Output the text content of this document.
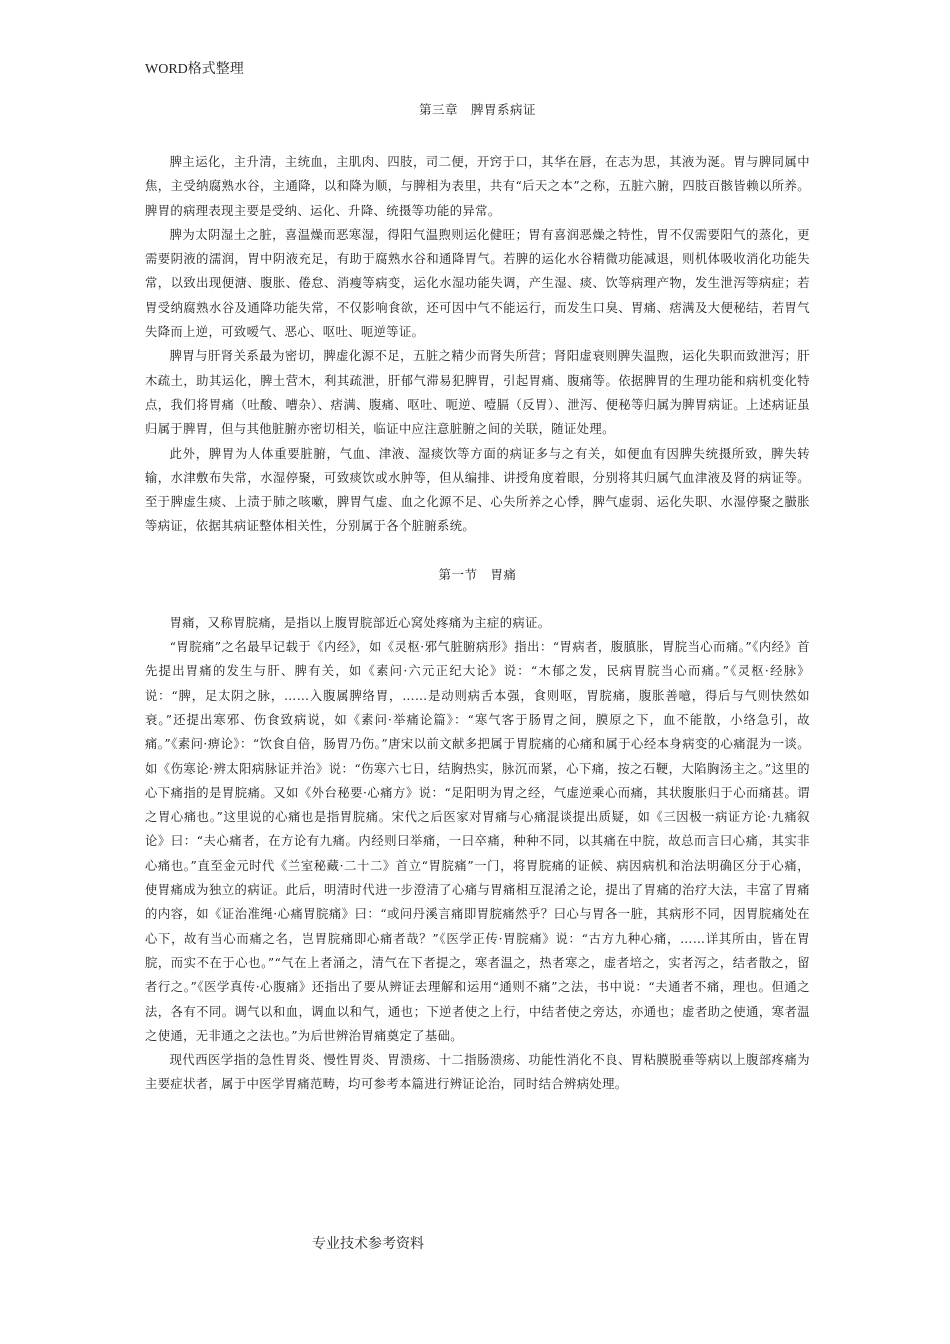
WORD格式整理
第三章　脾胃系病证

脾主运化，主升清，主统血，主肌肉、四肢，司二便，开窍于口，其华在唇，在志为思，其液为涎。胃与脾同属中焦，主受纳腐熟水谷，主通降，以和降为顺，与脾相为表里，共有“后天之本”之称，五脏六腑，四肢百骸皆赖以所养。脾胃的病理表现主要是受纳、运化、升降、统摄等功能的异常。

脾为太阴湿土之脏，喜温燥而恶寒湿，得阳气温煦则运化健旺；胃有喜润恶燥之特性，胃不仅需要阳气的蒸化，更需要阴液的濡润，胃中阴液充足，有助于腐熟水谷和通降胃气。若脾的运化水谷精微功能减退，则机体吸收消化功能失常，以致出现便溏、腹胀、倦怠、消瘦等病变，运化水湿功能失调，产生湿、痰、饮等病理产物，发生泄泻等病症；若胃受纳腐熟水谷及通降功能失常，不仅影响食欲，还可因中气不能运行，而发生口臭、胃痛、痞满及大便秘结，若胃气失降而上逆，可致嗳气、恶心、呕吐、呃逆等证。

脾胃与肝肾关系最为密切，脾虚化源不足，五脏之精少而肾失所营；肾阳虚衰则脾失温煦，运化失职而致泄泻；肝木疏土，助其运化，脾土营木，利其疏泄，肝郁气滞易犯脾胃，引起胃痛、腹痛等。依据脾胃的生理功能和病机变化特点，我们将胃痛（吐酸、嘈杂）、痞满、腹痛、呕吐、呃逆、噎膈（反胃）、泄泻、便秘等归属为脾胃病证。上述病证虽归属于脾胃，但与其他脏腑亦密切相关，临证中应注意脏腑之间的关联，随证处理。

此外，脾胃为人体重要脏腑，气血、津液、湿痰饮等方面的病证多与之有关，如便血有因脾失统摄所致，脾失转输，水津敷布失常，水湿停聚，可致痰饮或水肿等，但从编排、讲授角度着眼，分别将其归属气血津液及肾的病证等。至于脾虚生痰、上渍于肺之咳嗽，脾胃气虚、血之化源不足、心失所养之心悸，脾气虚弱、运化失职、水湿停聚之臌胀等病证，依据其病证整体相关性，分别属于各个脏腑系统。

第一节　胃痛

胃痛，又称胃脘痛，是指以上腹胃脘部近心窝处疼痛为主症的病证。

“胃脘痛”之名最早记载于《内经》，如《灵枢·邪气脏腑病形》指出：“胃病者，腹䐜胀，胃脘当心而痛。”《内经》首先提出胃痛的发生与肝、脾有关，如《素问·六元正纪大论》说：“木郁之发，民病胃脘当心而痛。”《灵枢·经脉》说：“脾，足太阴之脉，……入腹属脾络胃，……是动则病舌本强，食则呕，胃脘痛，腹胀善噫，得后与气则快然如衰。”还提出寒邪、伤食致病说，如《素问·举痛论篇》：“寒气客于肠胃之间，膜原之下，血不能散，小络急引，故痛。”《素问·痹论》：“饮食自倍，肠胃乃伤。”唐宋以前文献多把属于胃脘痛的心痛和属于心经本身病变的心痛混为一谈。如《伤寒论·辨太阳病脉证并治》说：“伤寒六七日，结胸热实，脉沉而紧，心下痛，按之石鞕，大陷胸汤主之。”这里的心下痛指的是胃脘痛。又如《外台秘要·心痛方》说：“足阳明为胃之经，气虚逆乘心而痛，其状腹胀归于心而痛甚。谓之胃心痛也。”这里说的心痛也是指胃脘痛。宋代之后医家对胃痛与心痛混谈提出质疑，如《三因极一病证方论·九痛叙论》曰：“夫心痛者，在方论有九痛。内经则曰举痛，一曰卒痛，种种不同，以其痛在中脘，故总而言曰心痛，其实非心痛也。”直至金元时代《兰室秘藏·二十二》首立“胃脘痛”一门，将胃脘痛的证候、病因病机和治法明确区分于心痛，使胃痛成为独立的病证。此后，明清时代进一步澄清了心痛与胃痛相互混淆之论，提出了胃痛的治疗大法，丰富了胃痛的内容，如《证治准绳·心痛胃脘痛》曰：“或问丹溪言痛即胃脘痛然乎？曰心与胃各一脏，其病形不同，因胃脘痛处在心下，故有当心而痛之名，岂胃脘痛即心痛者哉？”《医学正传·胃脘痛》说：“古方九种心痛，……详其所由，皆在胃脘，而实不在于心也。”“气在上者涌之，清气在下者提之，寒者温之，热者寒之，虚者培之，实者泻之，结者散之，留者行之。”《医学真传·心腹痛》还指出了要从辨证去理解和运用“通则不痛”之法，书中说：“夫通者不痛，理也。但通之法，各有不同。调气以和血，调血以和气，通也；下逆者使之上行，中结者使之旁达，亦通也；虚者助之使通，寒者温之使通，无非通之之法也。”为后世辨治胃痛奠定了基础。

现代西医学指的急性胃炎、慢性胃炎、胃溃疡、十二指肠溃疡、功能性消化不良、胃粘膜脱垂等病以上腹部疼痛为主要症状者，属于中医学胃痛范畴，均可参考本篇进行辨证论治，同时结合辨病处理。

专业技术参考资料
